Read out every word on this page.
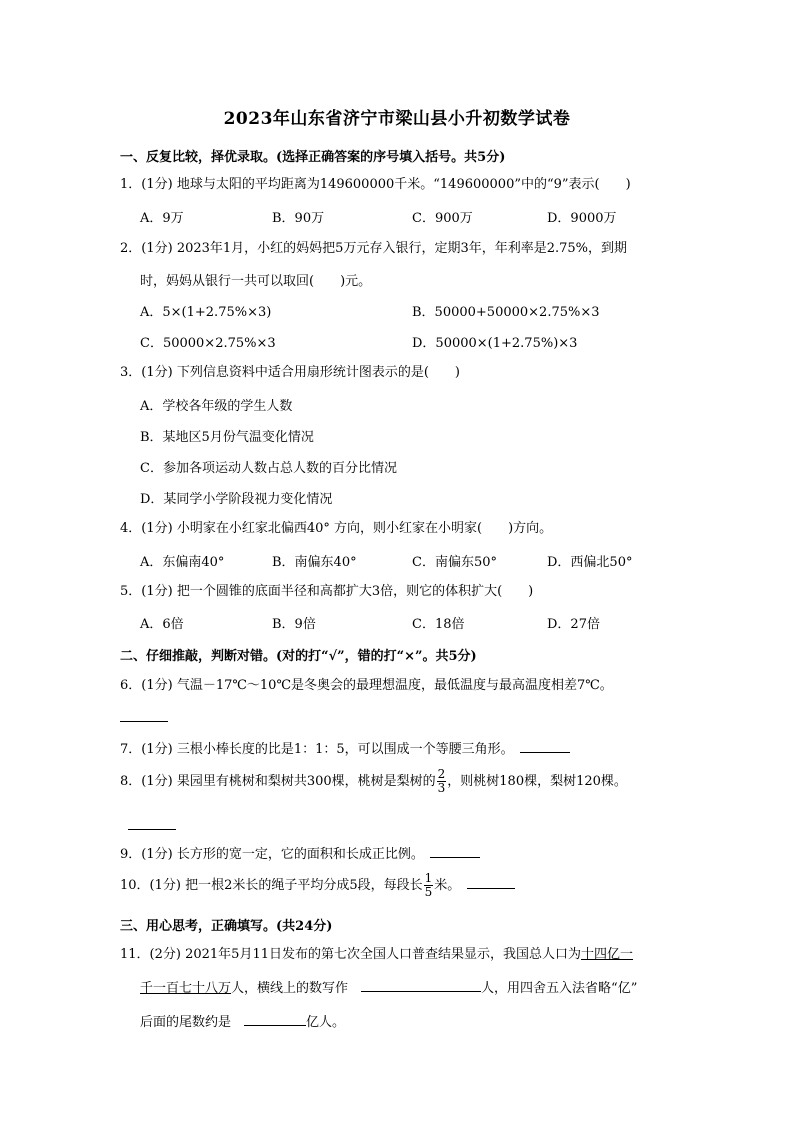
2023年山东省济宁市梁山县小升初数学试卷
一、反复比较，择优录取。(选择正确答案的序号填入括号。共5分)
1．(1分) 地球与太阳的平均距离为149600000千米。“149600000”中的“9”表示(　　)
A．9万	B．90万	C．900万	D．9000万
2．(1分) 2023年1月，小红的妈妈把5万元存入银行，定期3年，年利率是2.75%，到期
时，妈妈从银行一共可以取回(　　)元。
A．5×(1+2.75%×3)	B．50000+50000×2.75%×3
C．50000×2.75%×3	D．50000×(1+2.75%)×3
3．(1分) 下列信息资料中适合用扇形统计图表示的是(　　)
A．学校各年级的学生人数
B．某地区5月份气温变化情况
C．参加各项运动人数占总人数的百分比情况
D．某同学小学阶段视力变化情况
4．(1分) 小明家在小红家北偏西40° 方向，则小红家在小明家(　　)方向。
A．东偏南40°	B．南偏东40°	C．南偏东50°	D．西偏北50°
5．(1分) 把一个圆锥的底面半径和高都扩大3倍，则它的体积扩大(　　)
A．6倍	B．9倍	C．18倍	D．27倍
二、仔细推敲，判断对错。(对的打“√”，错的打“×”。共5分)
6．(1分) 气温－17℃～10℃是冬奥会的最理想温度，最低温度与最高温度相差7℃。
7．(1分) 三根小棒长度的比是1：1：5，可以围成一个等腰三角形。　
8．(1分) 果园里有桃树和梨树共300棵，桃树是梨树的 $\frac{2}{3}$ ，则桃树180棵，梨树120棵。
9．(1分) 长方形的宽一定，它的面积和长成正比例。　
10．(1分) 把一根2米长的绳子平均分成5段，每段长 $\frac{1}{5}$ 米。　
三、用心思考，正确填写。(共24分)
11．(2分) 2021年5月11日发布的第七次全国人口普查结果显示，我国总人口为十四亿一
千一百七十八万人，横线上的数写作　	人，用四舍五入法省略“亿”
后面的尾数约是　	亿人。
